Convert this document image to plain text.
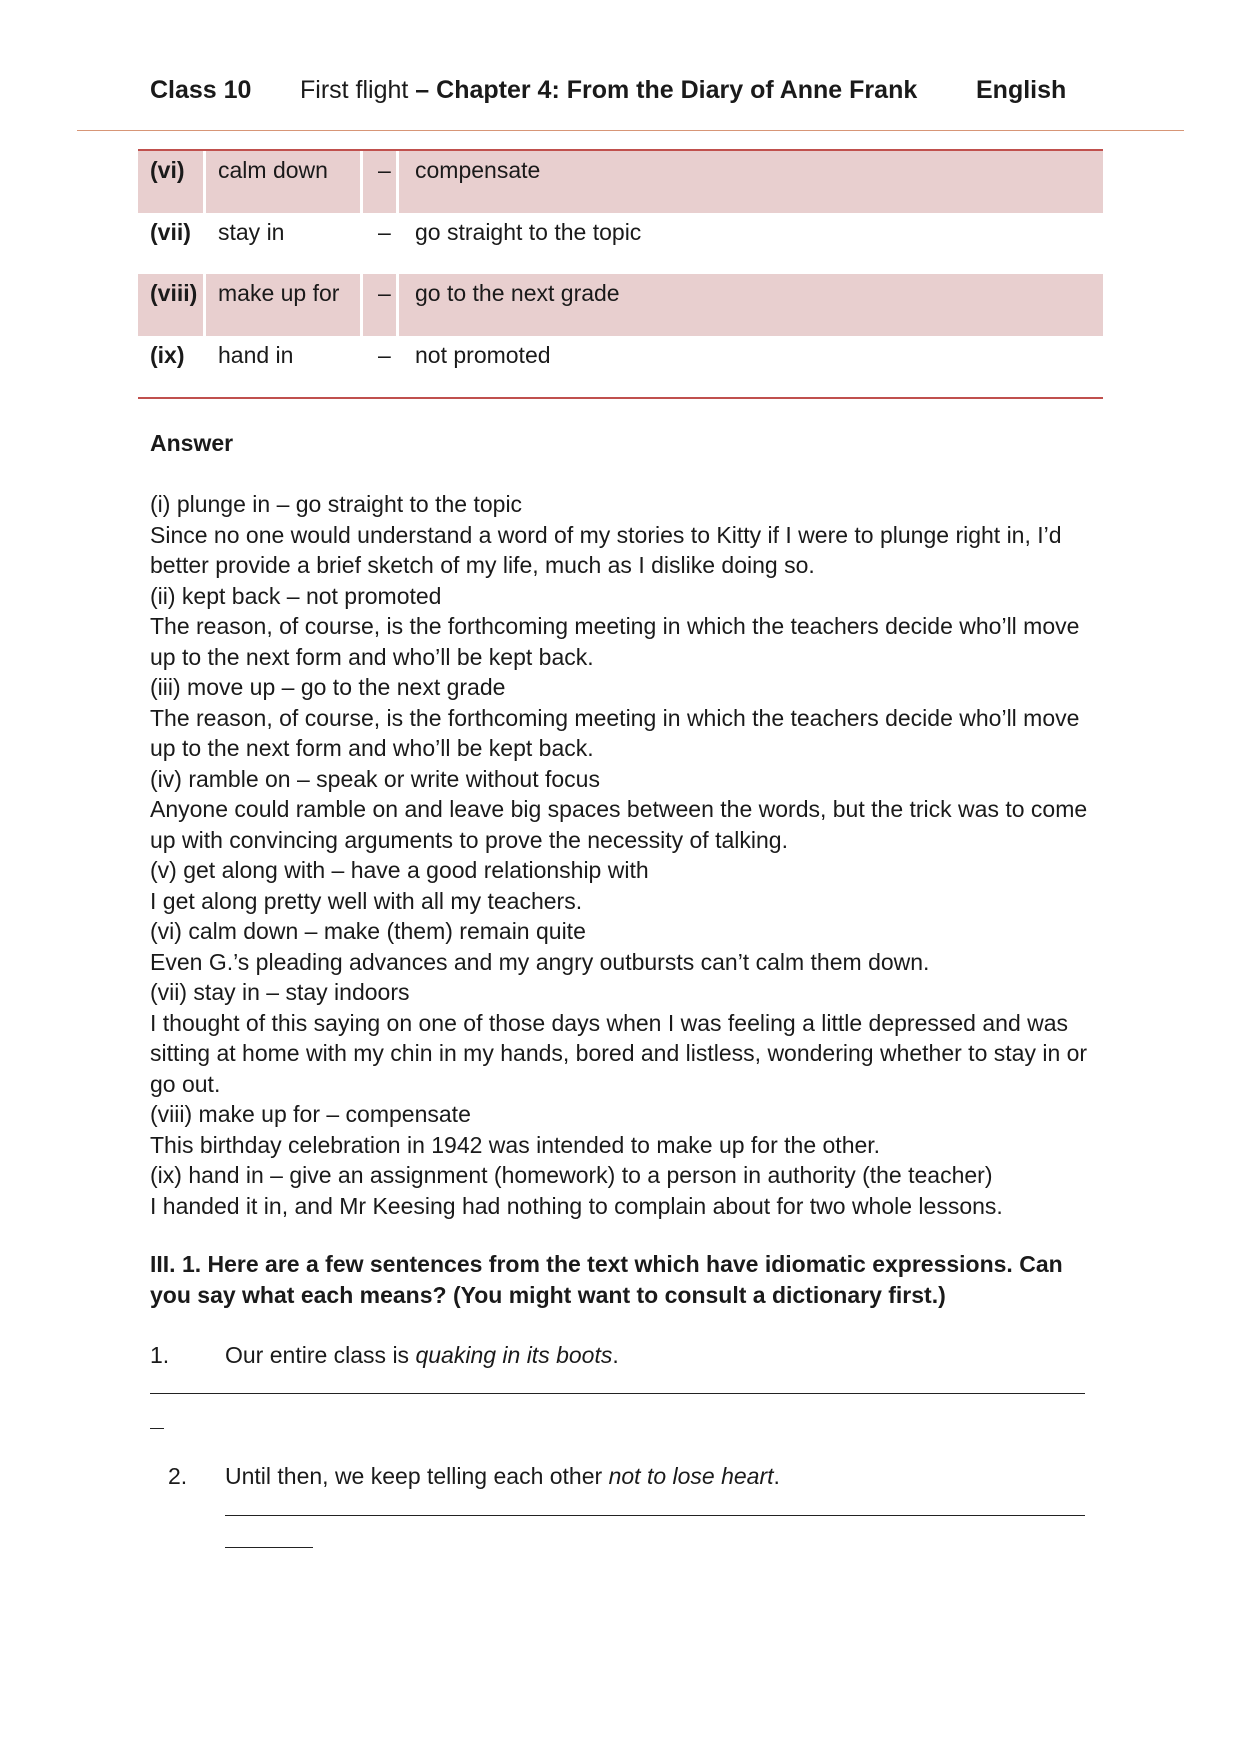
Class 10 First flight – Chapter 4: From the Diary of Anne Frank English
(vi) calm down – compensate
(vii) stay in	– go straight to the topic
(viii) make up for – go to the next grade
(ix) hand in	– not promoted
Answer

(i) plunge in – go straight to the topic

Since no one would understand a word of my stories to Kitty if I were to plunge right in, I’d better provide a brief sketch of my life, much as I dislike doing so.

(ii) kept back – not promoted

The reason, of course, is the forthcoming meeting in which the teachers decide who’ll move up to the next form and who’ll be kept back.

(iii) move up – go to the next grade

The reason, of course, is the forthcoming meeting in which the teachers decide who’ll move up to the next form and who’ll be kept back.

(iv) ramble on – speak or write without focus

Anyone could ramble on and leave big spaces between the words, but the trick was to come up with convincing arguments to prove the necessity of talking.

(v) get along with – have a good relationship with

I get along pretty well with all my teachers.

(vi) calm down – make (them) remain quite

Even G.’s pleading advances and my angry outbursts can’t calm them down.

(vii) stay in – stay indoors

I thought of this saying on one of those days when I was feeling a little depressed and was sitting at home with my chin in my hands, bored and listless, wondering whether to stay in or go out.

(viii) make up for – compensate

This birthday celebration in 1942 was intended to make up for the other.

(ix) hand in – give an assignment (homework) to a person in authority (the teacher)

I handed it in, and Mr Keesing had nothing to complain about for two whole lessons.

III. 1. Here are a few sentences from the text which have idiomatic expressions. Can you say what each means? (You might want to consult a dictionary first.)
1. Our entire class is quaking in its boots.
2. Until then, we keep telling each other not to lose heart.
